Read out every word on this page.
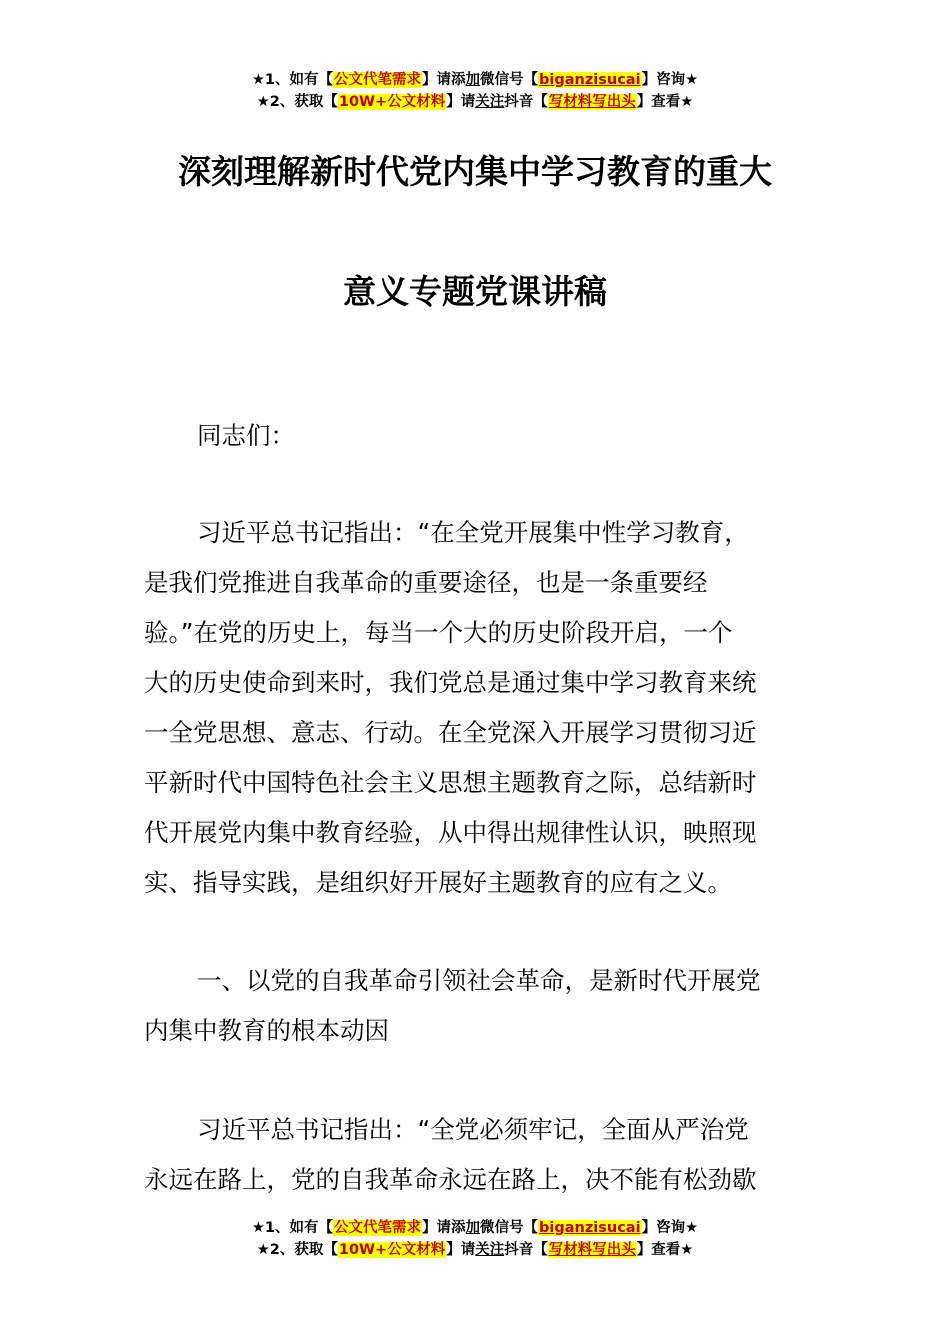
★1、如有【公文代笔需求】请添加微信号【biganzisucai】咨询★
★2、获取【10W+公文材料】请关注抖音【写材料写出头】查看★
深刻理解新时代党内集中学习教育的重大
意义专题党课讲稿
同志们：
习近平总书记指出：“在全党开展集中性学习教育，
是我们党推进自我革命的重要途径，也是一条重要经
验。”在党的历史上，每当一个大的历史阶段开启，一个
大的历史使命到来时，我们党总是通过集中学习教育来统
一全党思想、意志、行动。在全党深入开展学习贯彻习近
平新时代中国特色社会主义思想主题教育之际，总结新时
代开展党内集中教育经验，从中得出规律性认识，映照现
实、指导实践，是组织好开展好主题教育的应有之义。
一、以党的自我革命引领社会革命，是新时代开展党
内集中教育的根本动因
习近平总书记指出：“全党必须牢记，全面从严治党
永远在路上，党的自我革命永远在路上，决不能有松劲歇
★1、如有【公文代笔需求】请添加微信号【biganzisucai】咨询★
★2、获取【10W+公文材料】请关注抖音【写材料写出头】查看★
